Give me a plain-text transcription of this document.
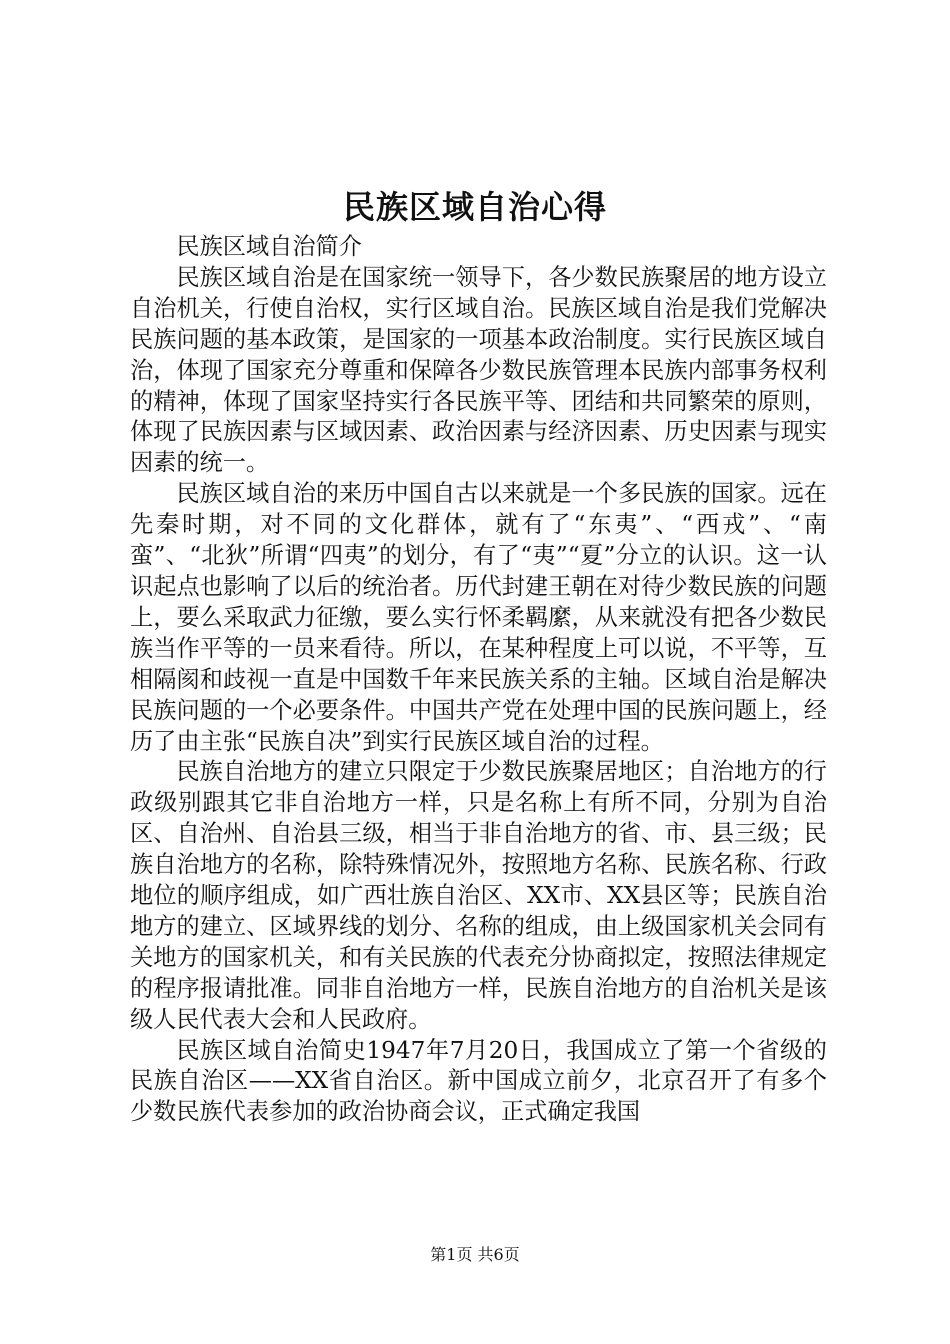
民族区域自治心得

民族区域自治简介

民族区域自治是在国家统一领导下，各少数民族聚居的地方设立自治机关，行使自治权，实行区域自治。民族区域自治是我们党解决民族问题的基本政策，是国家的一项基本政治制度。实行民族区域自治，体现了国家充分尊重和保障各少数民族管理本民族内部事务权利的精神，体现了国家坚持实行各民族平等、团结和共同繁荣的原则，体现了民族因素与区域因素、政治因素与经济因素、历史因素与现实因素的统一。

民族区域自治的来历中国自古以来就是一个多民族的国家。远在先秦时期，对不同的文化群体，就有了“东夷”、“西戎”、“南蛮”、“北狄”所谓“四夷”的划分，有了“夷”“夏”分立的认识。这一认识起点也影响了以后的统治者。历代封建王朝在对待少数民族的问题上，要么采取武力征缴，要么实行怀柔羁縻，从来就没有把各少数民族当作平等的一员来看待。所以，在某种程度上可以说，不平等，互相隔阂和歧视一直是中国数千年来民族关系的主轴。区域自治是解决民族问题的一个必要条件。中国共产党在处理中国的民族问题上，经历了由主张“民族自决”到实行民族区域自治的过程。

民族自治地方的建立只限定于少数民族聚居地区；自治地方的行政级别跟其它非自治地方一样，只是名称上有所不同，分别为自治区、自治州、自治县三级，相当于非自治地方的省、市、县三级；民族自治地方的名称，除特殊情况外，按照地方名称、民族名称、行政地位的顺序组成，如广西壮族自治区、XX市、XX县区等；民族自治地方的建立、区域界线的划分、名称的组成，由上级国家机关会同有关地方的国家机关，和有关民族的代表充分协商拟定，按照法律规定的程序报请批准。同非自治地方一样，民族自治地方的自治机关是该级人民代表大会和人民政府。

民族区域自治简史1947年7月20日，我国成立了第一个省级的民族自治区——XX省自治区。新中国成立前夕，北京召开了有多个少数民族代表参加的政治协商会议，正式确定我国

第1页 共6页
